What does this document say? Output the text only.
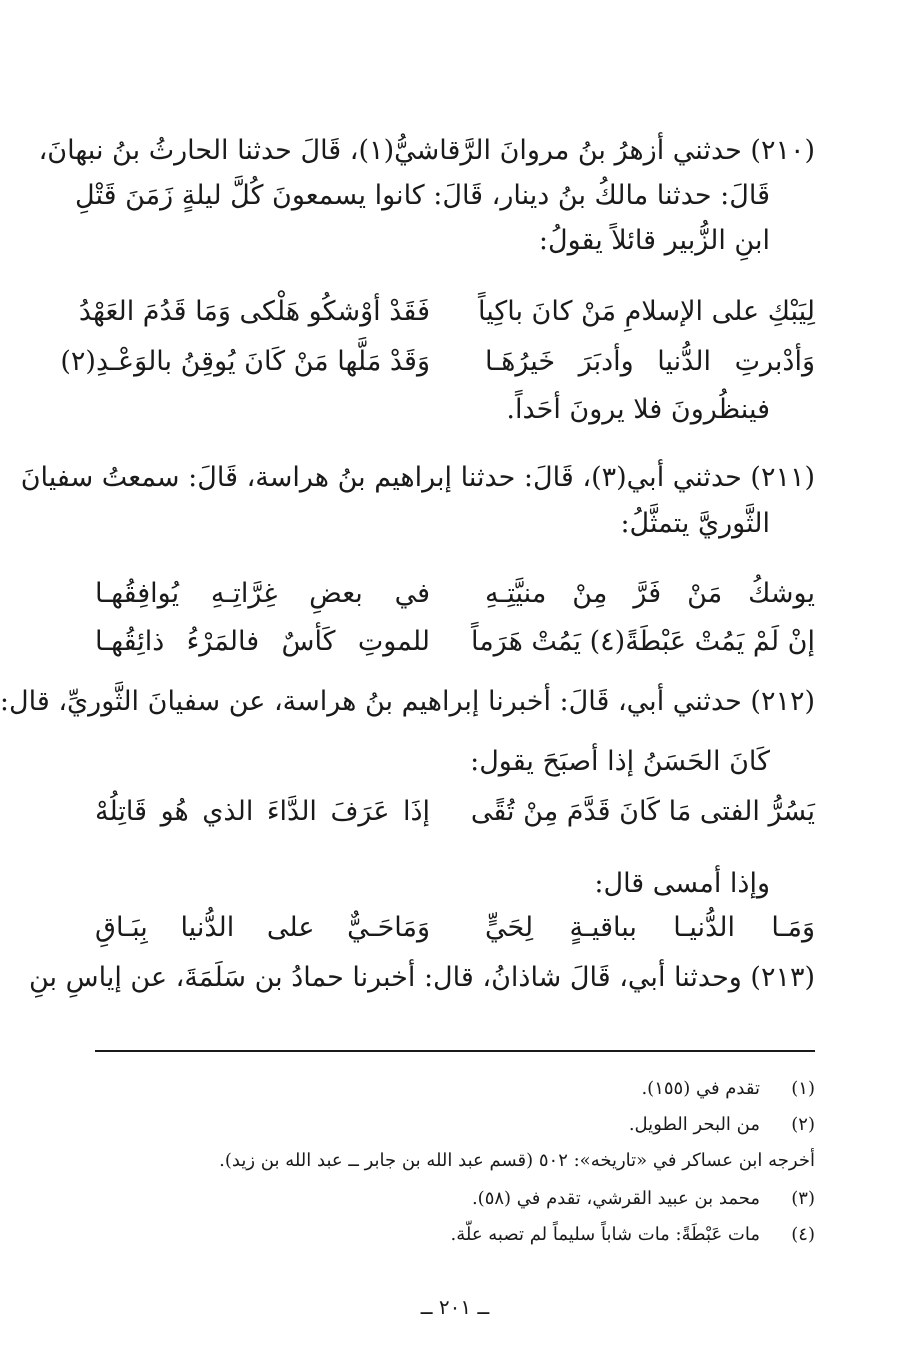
(٢١٠) حدثني أزهرُ بنُ مروانَ الرَّقاشيُّ(١)، قَالَ حدثنا الحارثُ بنُ نبهانَ،
قَالَ: حدثنا مالكُ بنُ دينار، قَالَ: كانوا يسمعونَ كُلَّ ليلةٍ زَمَنَ قَتْلِ
ابنِ الزُّبير قائلاً يقولُ:
لِيَبْكِ على الإسلامِ مَنْ كانَ باكِياً
فَقَدْ أوْشكُو هَلْكى وَمَا قَدُمَ العَهْدُ
وَأدْبرتِ الدُّنيا وأدبَرَ خَيرُهَـا
وَقَدْ مَلَّها مَنْ كَانَ يُوقِنُ بالوَعْـدِ(٢)
فينظُرونَ فلا يرونَ أحَداً.
(٢١١) حدثني أبي(٣)، قَالَ: حدثنا إبراهيم بنُ هراسة، قَالَ: سمعتُ سفيانَ
الثَّوريَّ يتمثَّلُ:
يوشكُ مَنْ فَرَّ مِنْ منيَّتِـهِ
في بعضِ غِرَّاتِـهِ يُوافِقُهـا
إنْ لَمْ يَمُتْ عَبْطَةً(٤) يَمُتْ هَرَماً
للموتِ كَأسٌ فالمَرْءُ ذائِقُهـا
(٢١٢) حدثني أبي، قَالَ: أخبرنا إبراهيم بنُ هراسة، عن سفيانَ الثَّوريِّ، قال:
كَانَ الحَسَنُ إذا أصبَحَ يقول:
يَسُرُّ الفتى مَا كَانَ قَدَّمَ مِنْ تُقًى
إذَا عَرَفَ الدَّاءَ الذي هُو قَاتِلُهْ
وإذا أمسى قال:
وَمَـا الدُّنيـا بباقيـةٍ لِحَيٍّ
وَمَاحَـيٌّ على الدُّنيا بِبَـاقِ
(٢١٣) وحدثنا أبي، قَالَ شاذانُ، قال: أخبرنا حمادُ بن سَلَمَةَ، عن إياسِ بنِ
(١)
تقدم في (١٥٥).
(٢)
من البحر الطويل.
أخرجه ابن عساكر في «تاريخه»: ٥٠٢ (قسم عبد الله بن جابر ــ عبد الله بن زيد).
(٣)
محمد بن عبيد القرشي، تقدم في (٥٨).
(٤)
مات عَبْطَةً: مات شاباً سليماً لم تصبه علّة.
ــ ٢٠١ ــ
